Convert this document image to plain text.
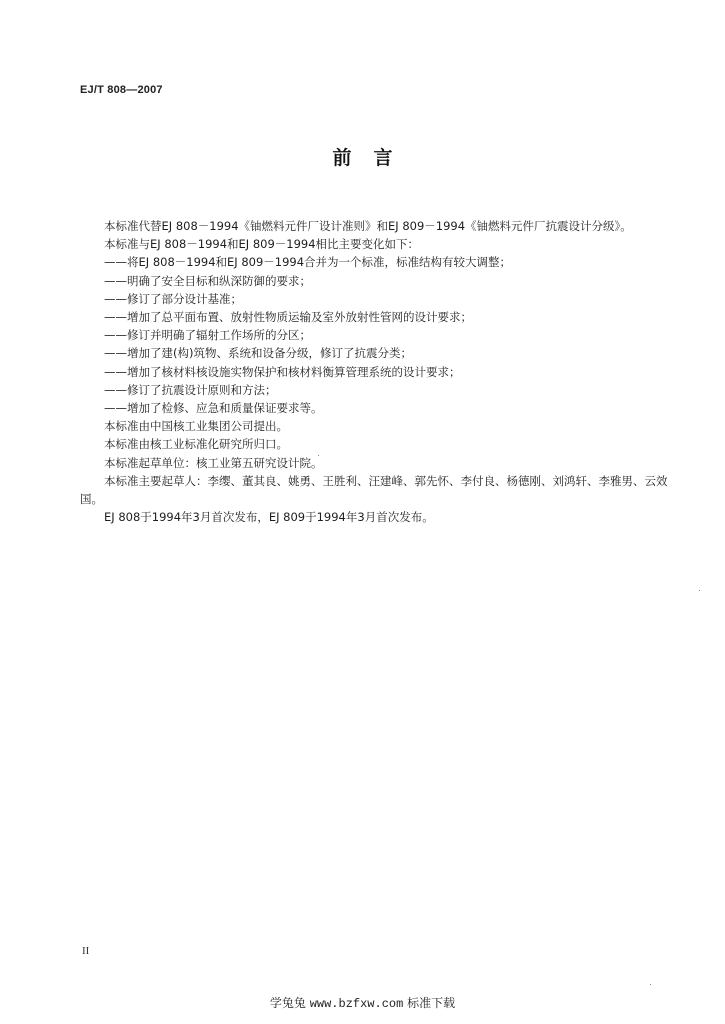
EJ/T 808—2007
前言

本标准代替EJ 808－1994《铀燃料元件厂设计准则》和EJ 809－1994《铀燃料元件厂抗震设计分级》。

本标准与EJ 808－1994和EJ 809－1994相比主要变化如下：

——将EJ 808－1994和EJ 809－1994合并为一个标准，标准结构有较大调整；

——明确了安全目标和纵深防御的要求；

——修订了部分设计基准；

——增加了总平面布置、放射性物质运输及室外放射性管网的设计要求；

——修订并明确了辐射工作场所的分区；

——增加了建(构)筑物、系统和设备分级，修订了抗震分类；

——增加了核材料核设施实物保护和核材料衡算管理系统的设计要求；

——修订了抗震设计原则和方法；

——增加了检修、应急和质量保证要求等。

本标准由中国核工业集团公司提出。

本标准由核工业标准化研究所归口。

本标准起草单位：核工业第五研究设计院。

本标准主要起草人：李缨、董其良、姚勇、王胜利、汪建峰、郭先怀、李付良、杨德刚、刘鸿轩、李雅男、云效国。

EJ 808于1994年3月首次发布，EJ 809于1994年3月首次发布。

II
学兔兔 www.bzfxw.com 标准下载
